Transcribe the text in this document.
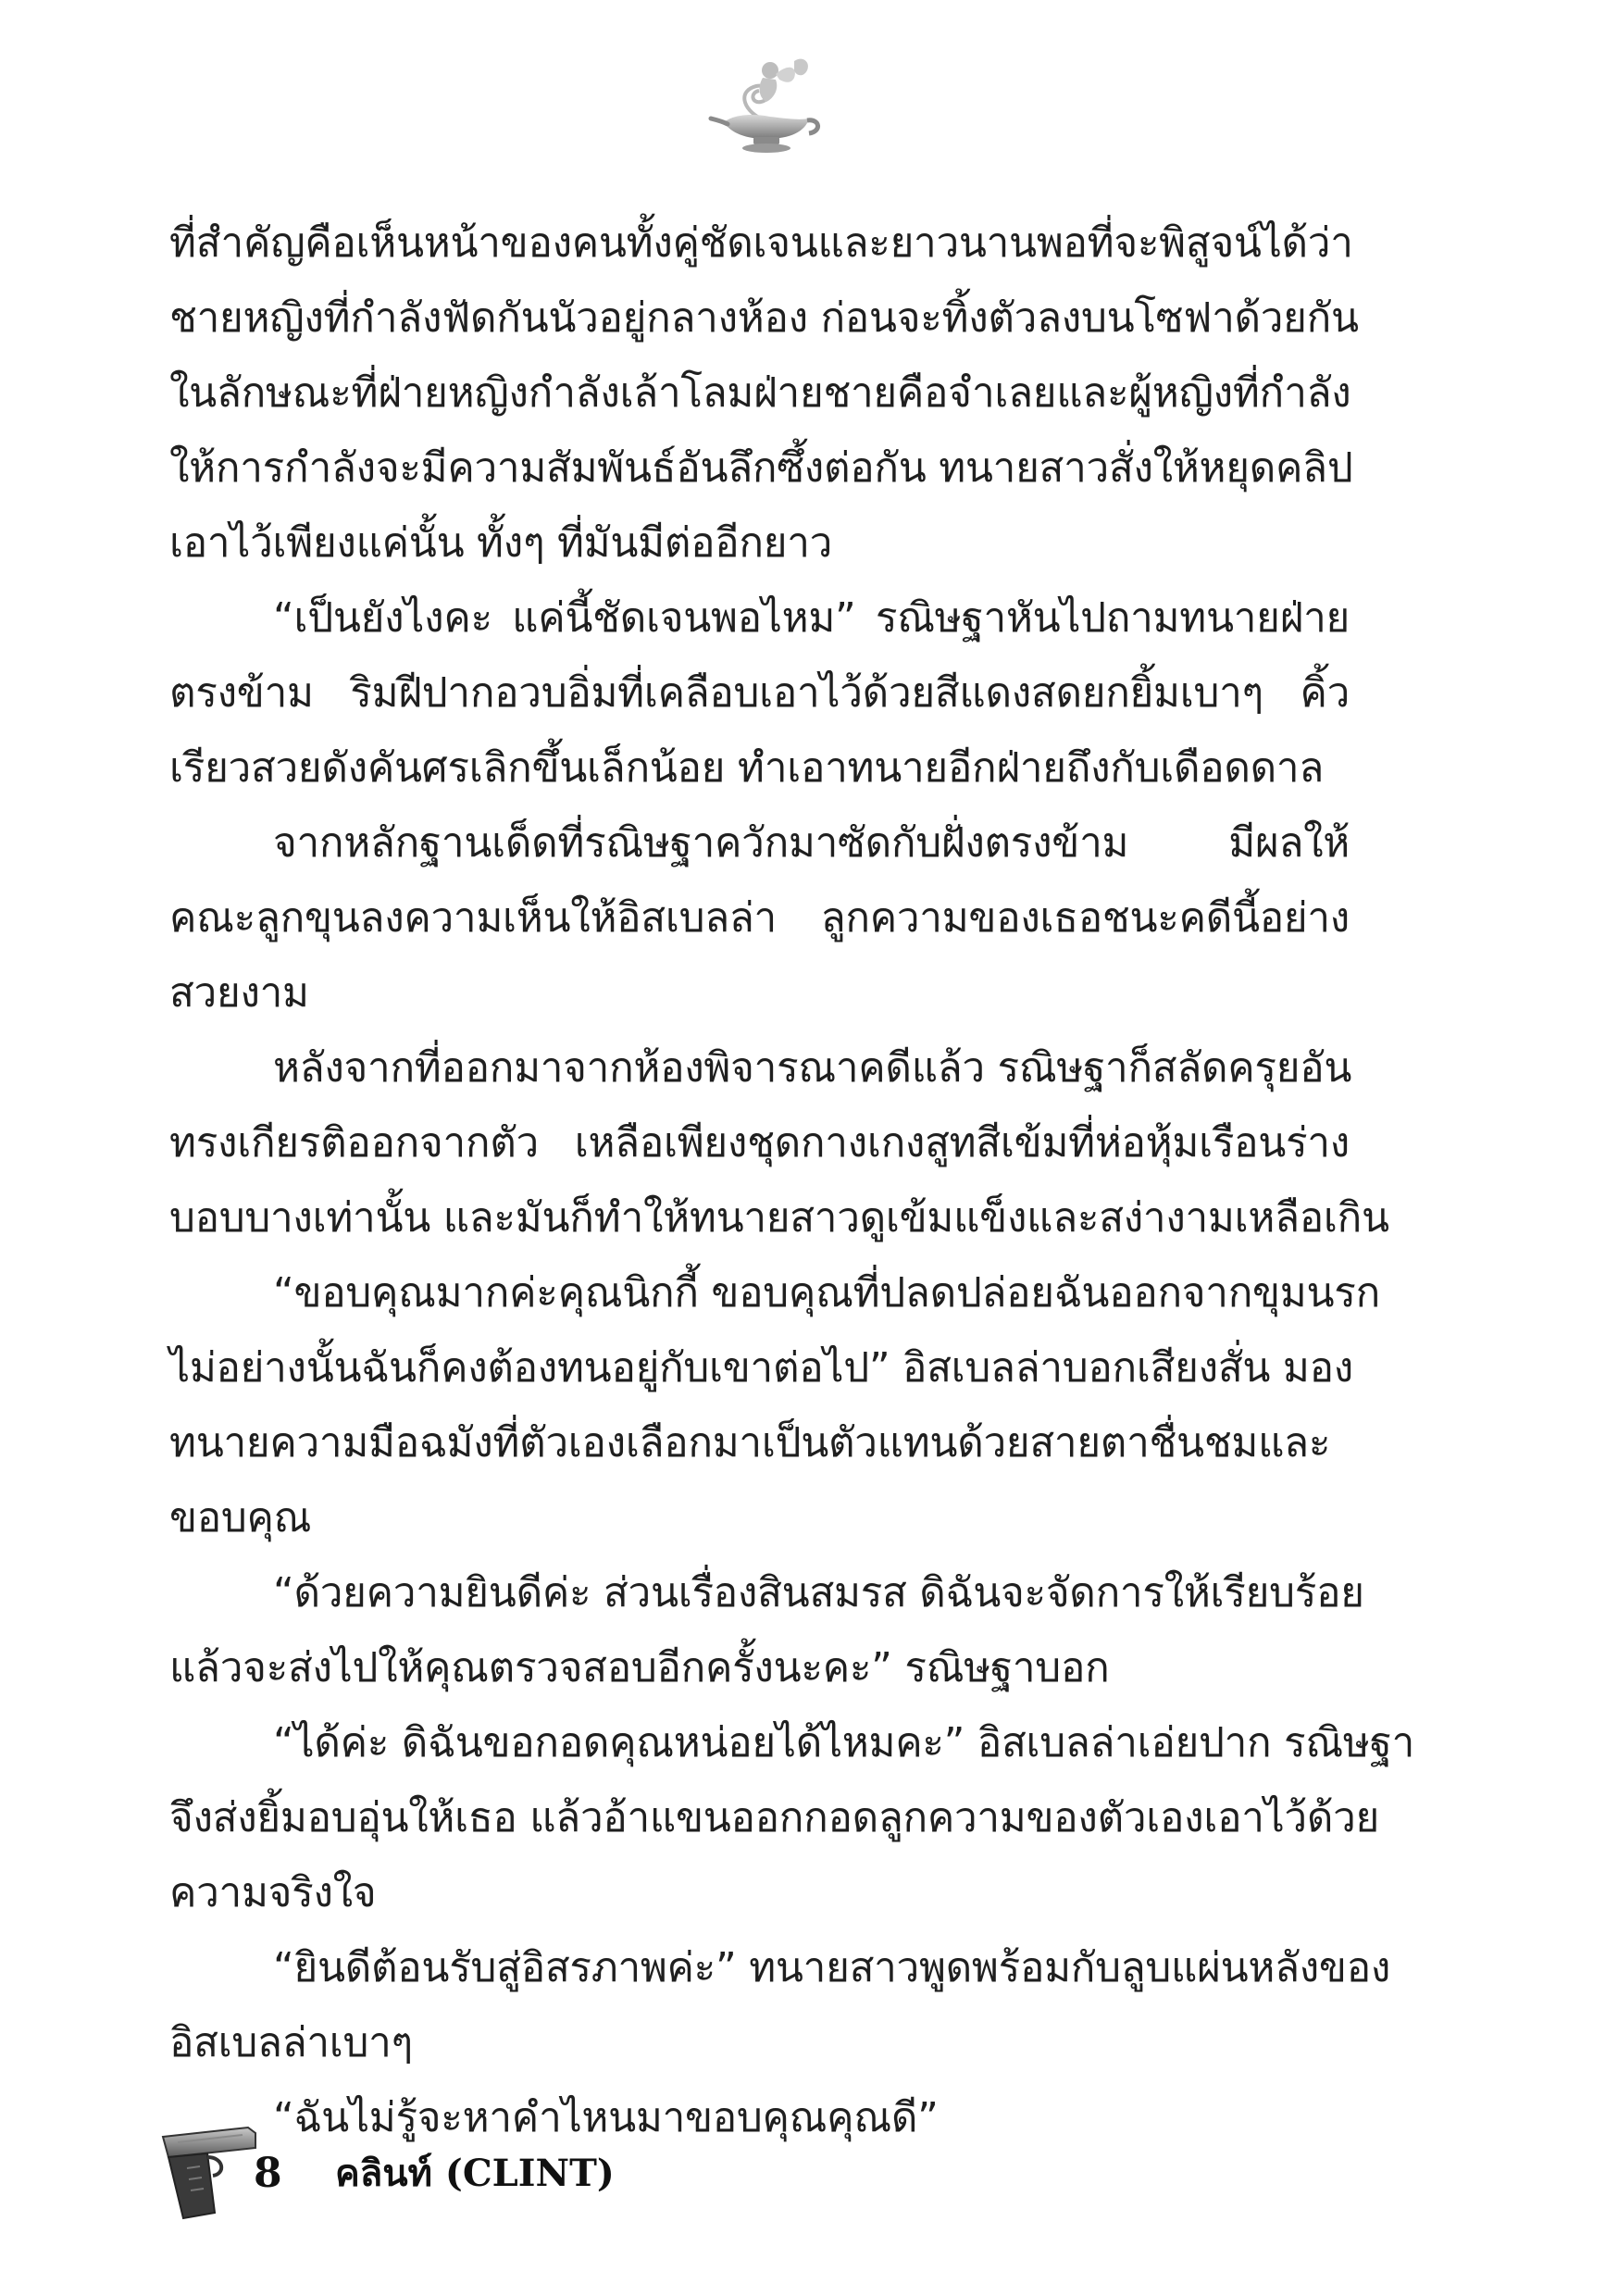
ที่สำคัญคือเห็นหน้าของคนทั้งคู่ชัดเจนและยาวนานพอที่จะพิสูจน์ได้ว่า
ชายหญิงที่กำลังฟัดกันนัวอยู่กลางห้อง ก่อนจะทิ้งตัวลงบนโซฟาด้วยกัน
ในลักษณะที่ฝ่ายหญิงกำลังเล้าโลมฝ่ายชายคือจำเลยและผู้หญิงที่กำลัง
ให้การกำลังจะมีความสัมพันธ์อันลึกซึ้งต่อกัน ทนายสาวสั่งให้หยุดคลิป
เอาไว้เพียงแค่นั้น ทั้งๆ ที่มันมีต่ออีกยาว
“เป็นยังไงคะ แค่นี้ชัดเจนพอไหม” รณิษฐาหันไปถามทนายฝ่าย
ตรงข้าม ริมฝีปากอวบอิ่มที่เคลือบเอาไว้ด้วยสีแดงสดยกยิ้มเบาๆ คิ้ว
เรียวสวยดังคันศรเลิกขึ้นเล็กน้อย ทำเอาทนายอีกฝ่ายถึงกับเดือดดาล
จากหลักฐานเด็ดที่รณิษฐาควักมาซัดกับฝั่งตรงข้าม มีผลให้
คณะลูกขุนลงความเห็นให้อิสเบลล่า ลูกความของเธอชนะคดีนี้อย่าง
สวยงาม
หลังจากที่ออกมาจากห้องพิจารณาคดีแล้ว รณิษฐาก็สลัดครุยอัน
ทรงเกียรติออกจากตัว เหลือเพียงชุดกางเกงสูทสีเข้มที่ห่อหุ้มเรือนร่าง
บอบบางเท่านั้น และมันก็ทำให้ทนายสาวดูเข้มแข็งและสง่างามเหลือเกิน
“ขอบคุณมากค่ะคุณนิกกี้ ขอบคุณที่ปลดปล่อยฉันออกจากขุมนรก
ไม่อย่างนั้นฉันก็คงต้องทนอยู่กับเขาต่อไป” อิสเบลล่าบอกเสียงสั่น มอง
ทนายความมือฉมังที่ตัวเองเลือกมาเป็นตัวแทนด้วยสายตาชื่นชมและ
ขอบคุณ
“ด้วยความยินดีค่ะ ส่วนเรื่องสินสมรส ดิฉันจะจัดการให้เรียบร้อย
แล้วจะส่งไปให้คุณตรวจสอบอีกครั้งนะคะ” รณิษฐาบอก
“ได้ค่ะ ดิฉันขอกอดคุณหน่อยได้ไหมคะ” อิสเบลล่าเอ่ยปาก รณิษฐา
จึงส่งยิ้มอบอุ่นให้เธอ แล้วอ้าแขนออกกอดลูกความของตัวเองเอาไว้ด้วย
ความจริงใจ
“ยินดีต้อนรับสู่อิสรภาพค่ะ” ทนายสาวพูดพร้อมกับลูบแผ่นหลังของ
อิสเบลล่าเบาๆ
“ฉันไม่รู้จะหาคำไหนมาขอบคุณคุณดี”
8 คลินท์ (CLINT)
